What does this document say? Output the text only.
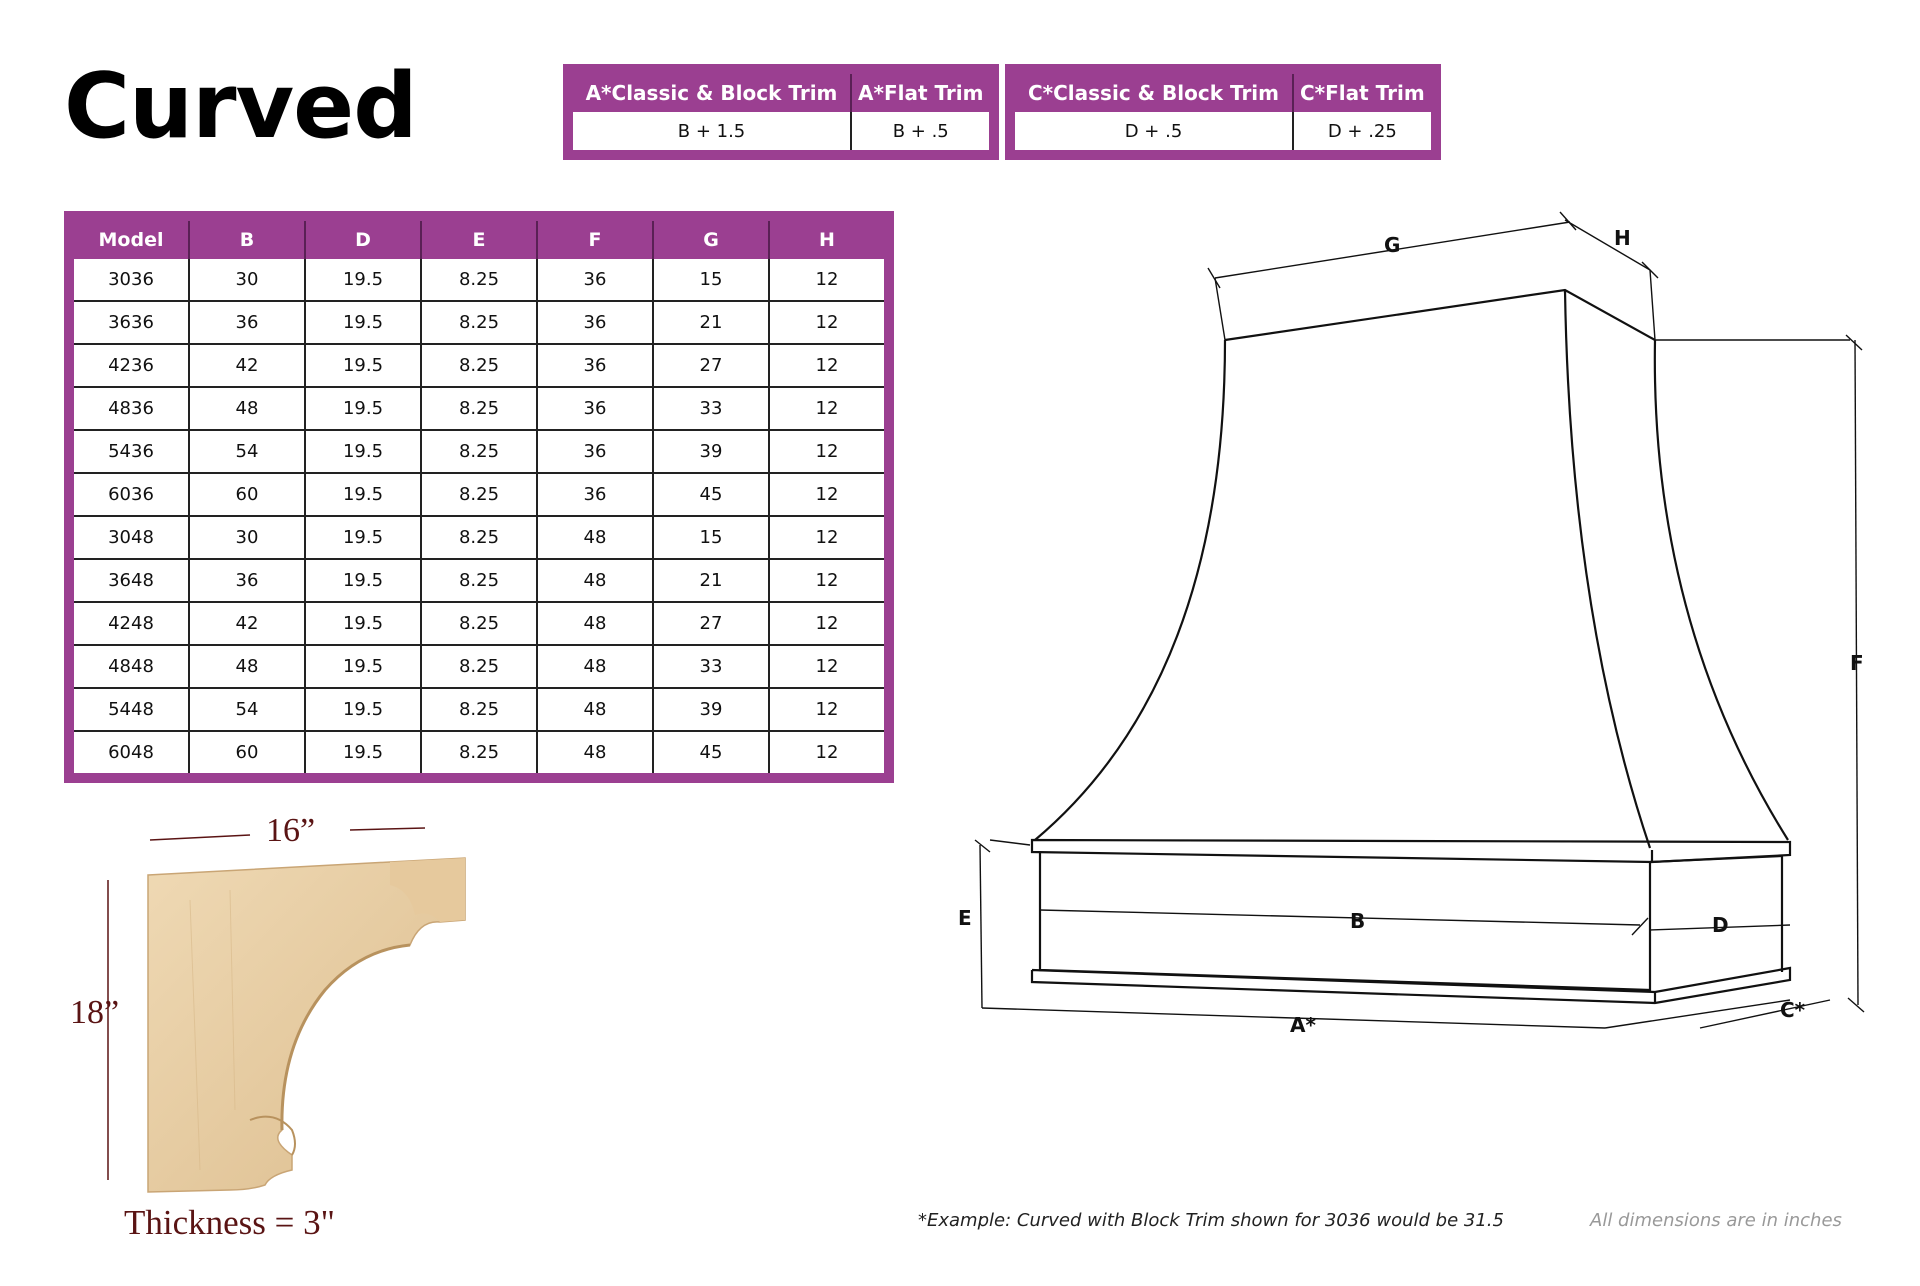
Curved	A*Classic & Block Trim	A*Flat Trim
B + 1.5	B + .5
C*Classic & Block Trim	C*Flat Trim
D + .5	D + .25
Model	B	D	E	F	G	H
3036	30	19.5	8.25	36	15	12
3636	36	19.5	8.25	36	21	12
4236	42	19.5	8.25	36	27	12
4836	48	19.5	8.25	36	33	12
5436	54	19.5	8.25	36	39	12
6036	60	19.5	8.25	36	45	12
3048	30	19.5	8.25	48	15	12
3648	36	19.5	8.25	48	21	12
4248	42	19.5	8.25	48	27	12
4848	48	19.5	8.25	48	33	12
5448	54	19.5	8.25	48	39	12
6048	60	19.5	8.25	48	45	12
16”
18”
Thickness = 3"
G	H
F
E	B	D
A*
C*
*Example: Curved with Block Trim shown for 3036 would be 31.5	All dimensions are in inches
